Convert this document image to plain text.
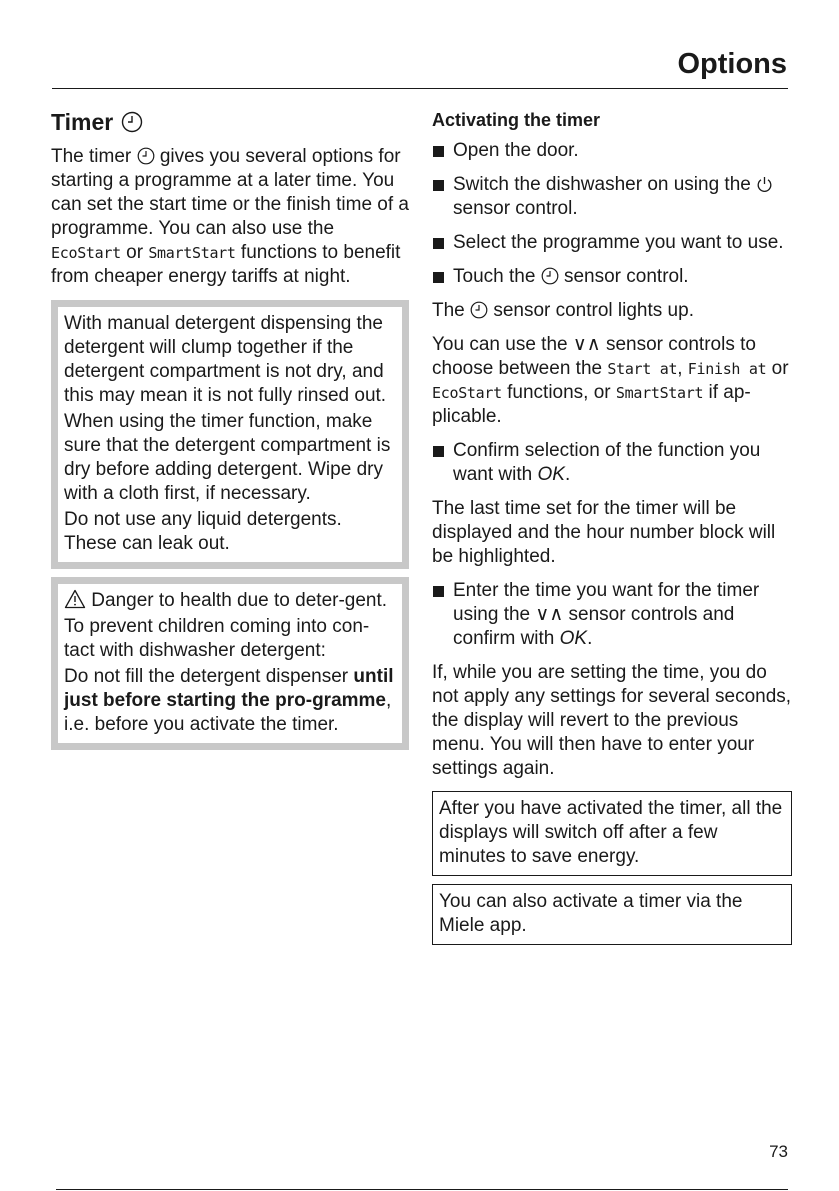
Options
Timer

The timer gives you several options for starting a programme at a later time. You can set the start time or the finish time of a programme. You can also use the EcoStart or SmartStart functions to benefit from cheaper energy tariffs at night.

With manual detergent dispensing the detergent will clump together if the detergent compartment is not dry, and this may mean it is not fully rinsed out.

When using the timer function, make sure that the detergent compartment is dry before adding detergent. Wipe dry with a cloth first, if necessary.

Do not use any liquid detergents. These can leak out.

Danger to health due to deter-gent.

To prevent children coming into con-tact with dishwasher detergent:

Do not fill the detergent dispenser until just before starting the pro-gramme, i.e. before you activate the timer.

Activating the timer
Open the door.
Switch the dishwasher on using the  sensor control.
Select the programme you want to use.
Touch the sensor control.

The sensor control lights up.

You can use the ∨∧ sensor controls to choose between the Start at, Finish at or EcoStart functions, or SmartStart if ap-plicable.

Confirm selection of the function you want with OK.

The last time set for the timer will be displayed and the hour number block will be highlighted.

Enter the time you want for the timer using the ∨∧ sensor controls and confirm with OK.

If, while you are setting the time, you do not apply any settings for several seconds, the display will revert to the previous menu. You will then have to enter your settings again.

After you have activated the timer, all the displays will switch off after a few minutes to save energy.

You can also activate a timer via the Miele app.

73
